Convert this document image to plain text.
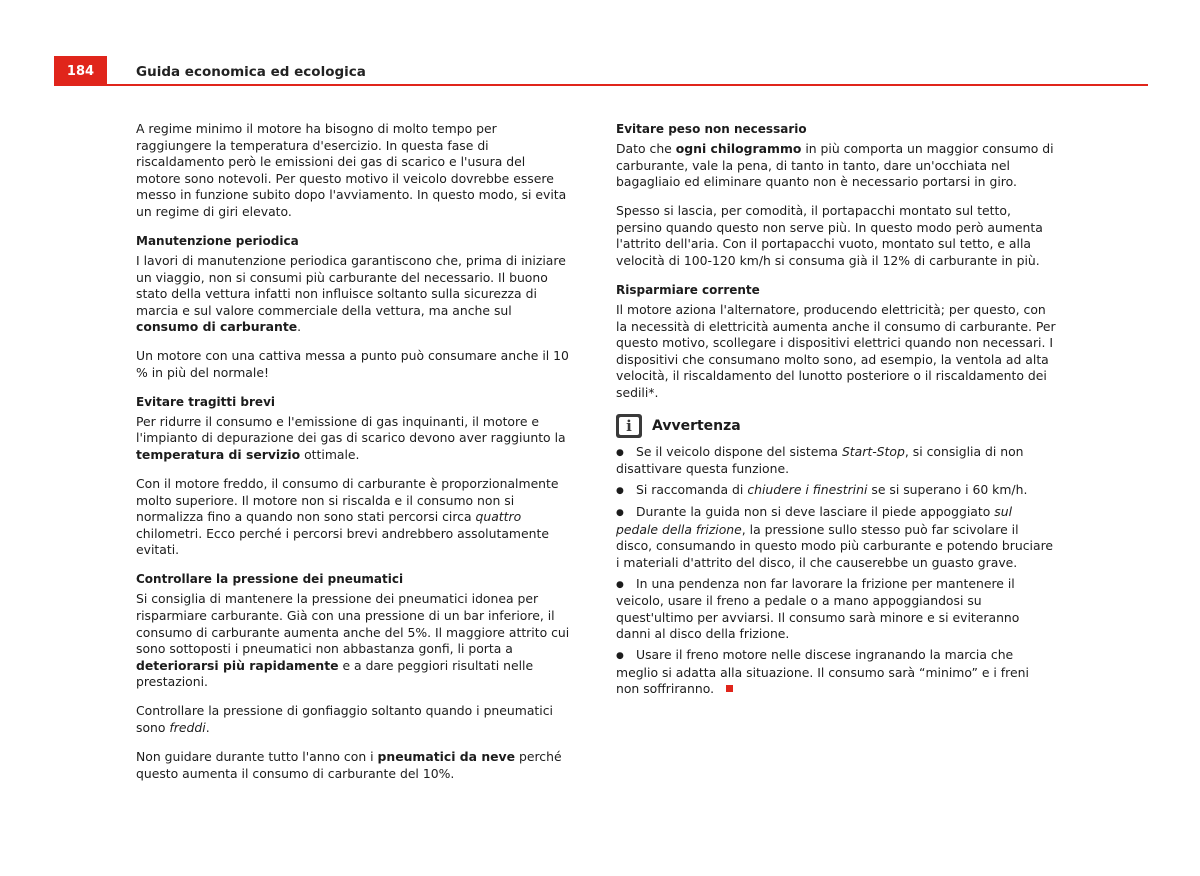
184	Guida economica ed ecologica

A regime minimo il motore ha bisogno di molto tempo per raggiungere la temperatura d'esercizio. In questa fase di riscaldamento però le emissioni dei gas di scarico e l'usura del motore sono notevoli. Per questo motivo il veicolo dovrebbe essere messo in funzione subito dopo l'avviamento. In questo modo, si evita un regime di giri elevato.

Manutenzione periodica

I lavori di manutenzione periodica garantiscono che, prima di iniziare un viaggio, non si consumi più carburante del necessario. Il buono stato della vettura infatti non influisce soltanto sulla sicurezza di marcia e sul valore commerciale della vettura, ma anche sul consumo di carburante.

Un motore con una cattiva messa a punto può consumare anche il 10 % in più del normale!

Evitare tragitti brevi

Per ridurre il consumo e l'emissione di gas inquinanti, il motore e l'impianto di depurazione dei gas di scarico devono aver raggiunto la temperatura di servizio ottimale.

Con il motore freddo, il consumo di carburante è proporzionalmente molto superiore. Il motore non si riscalda e il consumo non si normalizza fino a quando non sono stati percorsi circa quattro chilometri. Ecco perché i percorsi brevi andrebbero assolutamente evitati.

Controllare la pressione dei pneumatici

Si consiglia di mantenere la pressione dei pneumatici idonea per risparmiare carburante. Già con una pressione di un bar inferiore, il consumo di carburante aumenta anche del 5%. Il maggiore attrito cui sono sottoposti i pneumatici non abbastanza gonfi, li porta a deteriorarsi più rapidamente e a dare peggiori risultati nelle prestazioni.

Controllare la pressione di gonfiaggio soltanto quando i pneumatici sono freddi.

Non guidare durante tutto l'anno con i pneumatici da neve perché questo aumenta il consumo di carburante del 10%.

Evitare peso non necessario

Dato che ogni chilogrammo in più comporta un maggior consumo di carburante, vale la pena, di tanto in tanto, dare un'occhiata nel bagagliaio ed eliminare quanto non è necessario portarsi in giro.

Spesso si lascia, per comodità, il portapacchi montato sul tetto, persino quando questo non serve più. In questo modo però aumenta l'attrito dell'aria. Con il portapacchi vuoto, montato sul tetto, e alla velocità di 100-120 km/h si consuma già il 12% di carburante in più.

Risparmiare corrente

Il motore aziona l'alternatore, producendo elettricità; per questo, con la necessità di elettricità aumenta anche il consumo di carburante. Per questo motivo, scollegare i dispositivi elettrici quando non necessari. I dispositivi che consumano molto sono, ad esempio, la ventola ad alta velocità, il riscaldamento del lunotto posteriore o il riscaldamento dei sedili*.

i	Avvertenza
● Se il veicolo dispone del sistema Start-Stop, si consiglia di non disattivare questa funzione.
● Si raccomanda di chiudere i finestrini se si superano i 60 km/h.
● Durante la guida non si deve lasciare il piede appoggiato sul pedale della frizione, la pressione sullo stesso può far scivolare il disco, consumando in questo modo più carburante e potendo bruciare i materiali d'attrito del disco, il che causerebbe un guasto grave.
● In una pendenza non far lavorare la frizione per mantenere il veicolo, usare il freno a pedale o a mano appoggiandosi su quest'ultimo per avviarsi. Il consumo sarà minore e si eviteranno danni al disco della frizione.
● Usare il freno motore nelle discese ingranando la marcia che meglio si adatta alla situazione. Il consumo sarà “minimo” e i freni non soffriranno.
